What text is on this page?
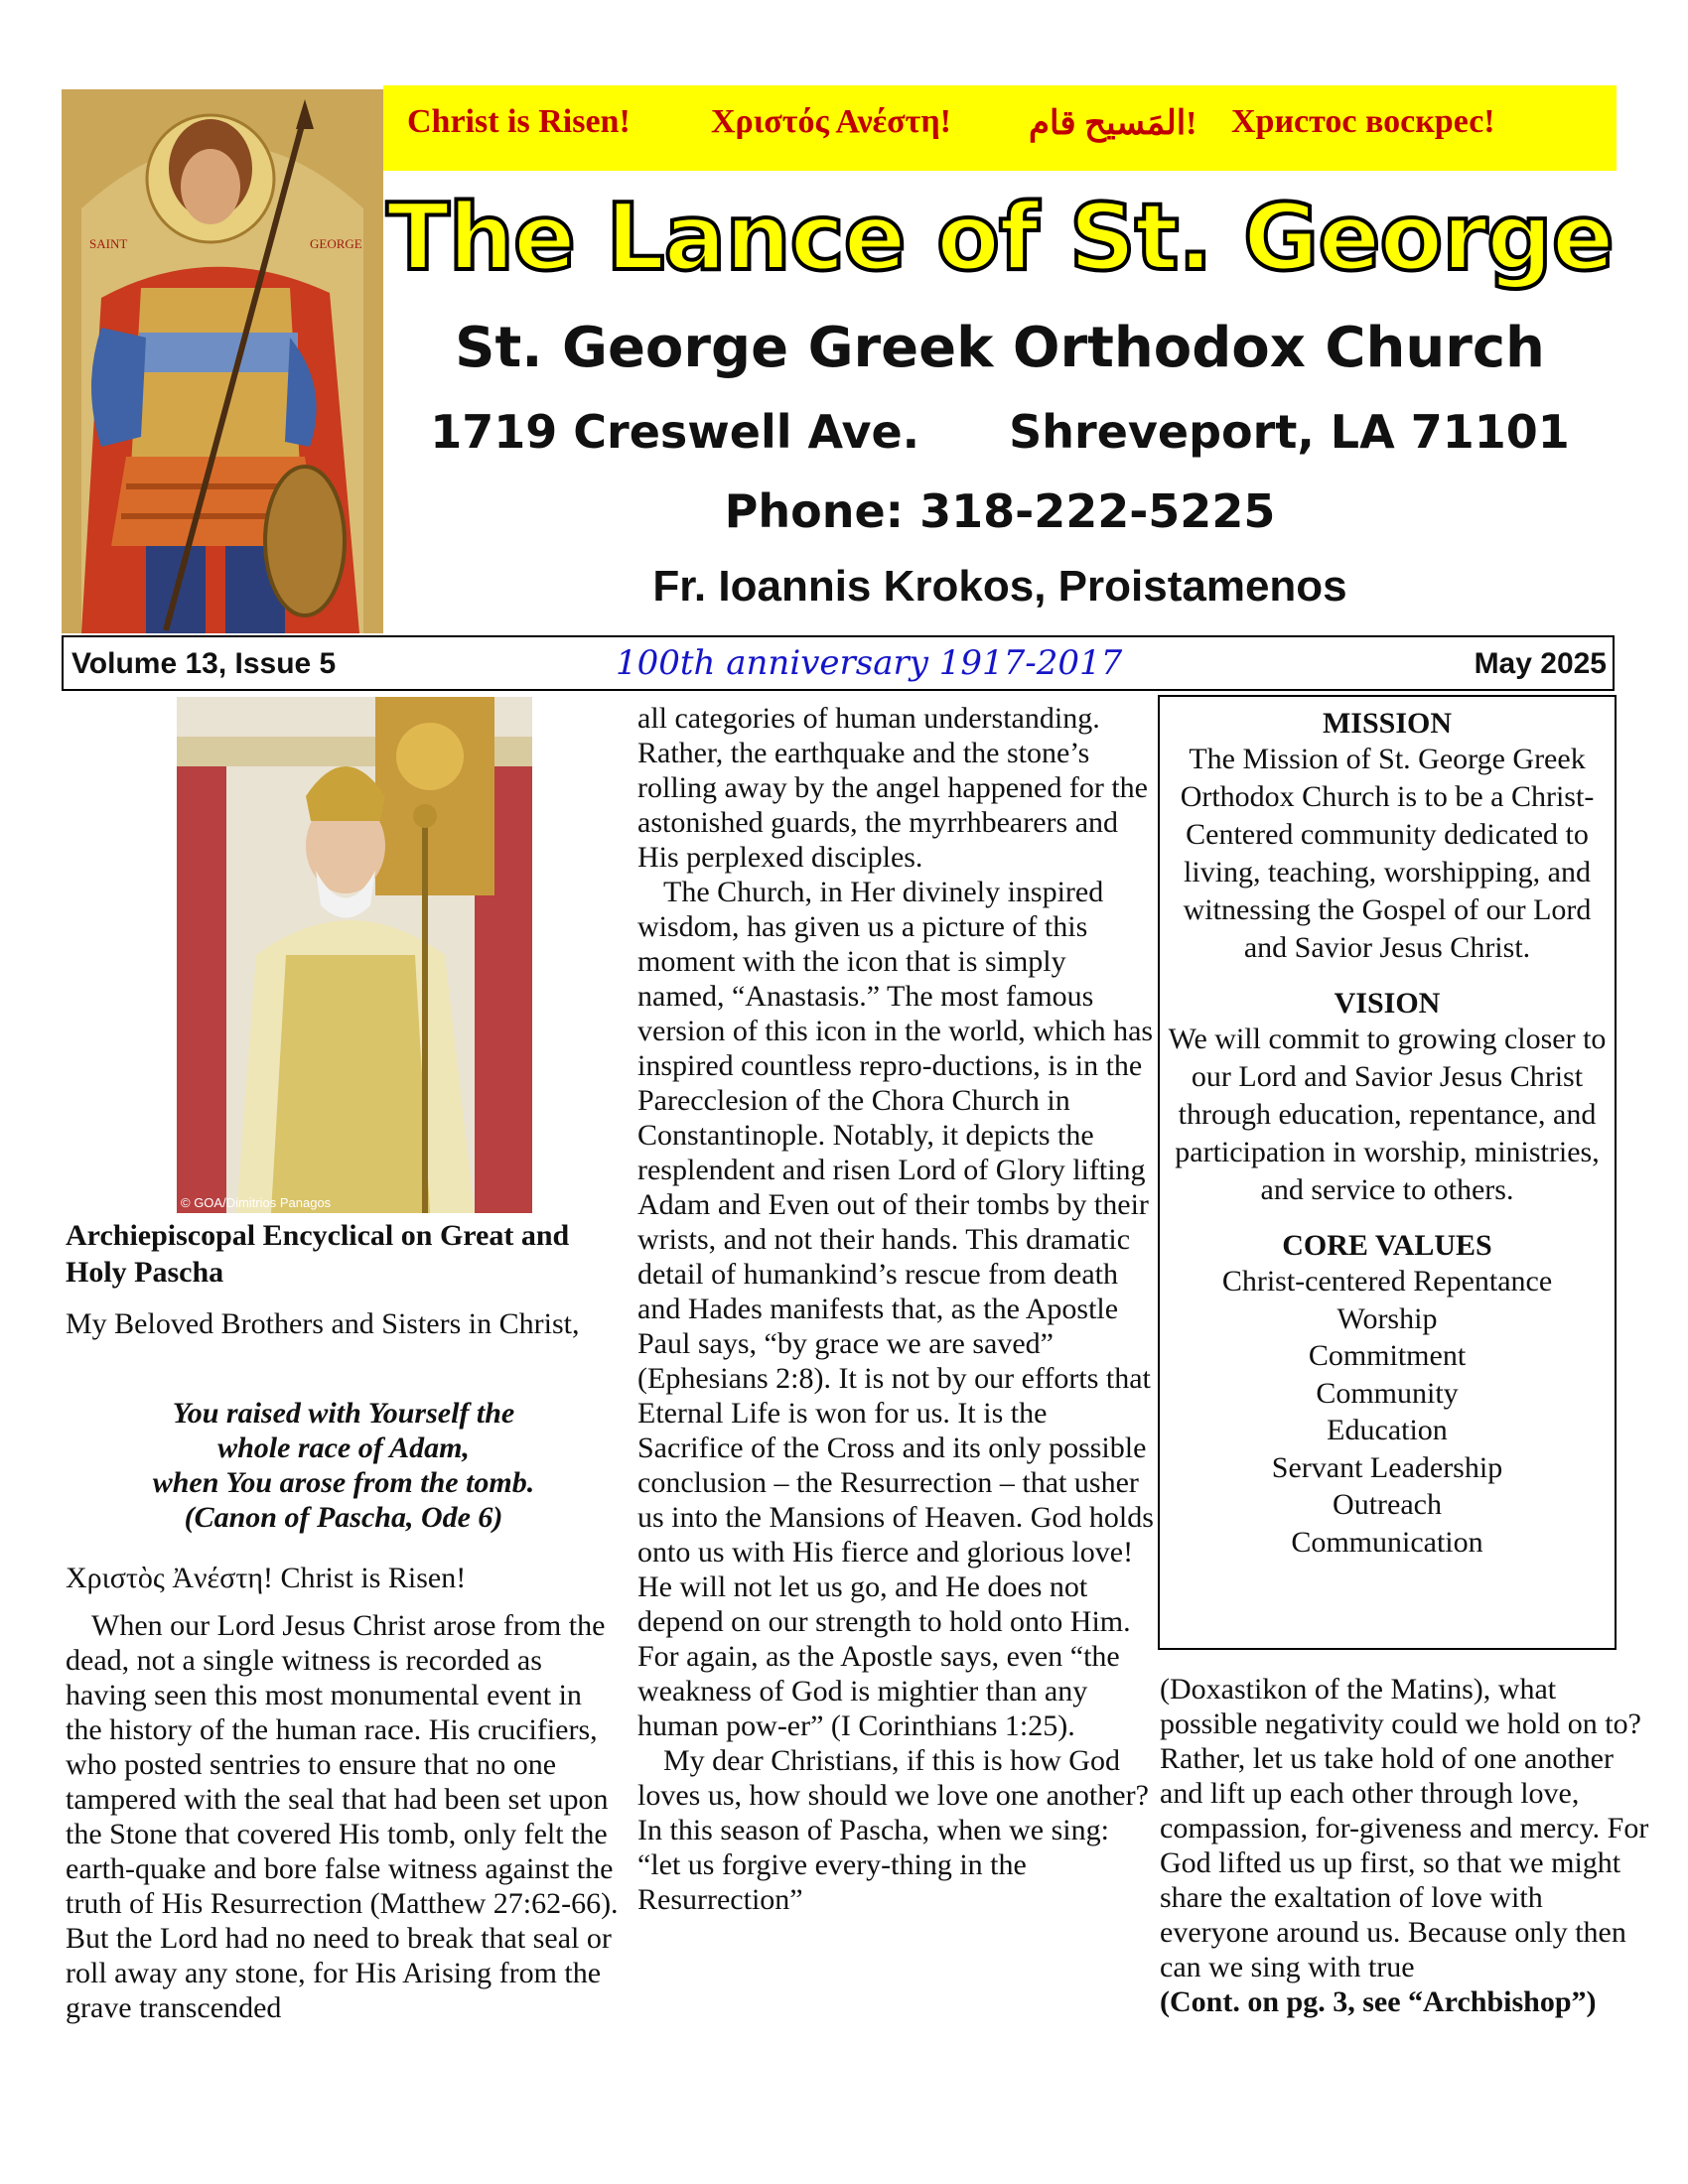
SAINT	GEORGE
Christ is Risen! Χριστός Ανέστη! !المَسيح قام Христос воскрес!
The Lance of St. George
St. George Greek Orthodox Church
1719 Creswell Ave. Shreveport, LA 71101
Phone: 318-222-5225
Fr. Ioannis Krokos, Proistamenos
Volume 13, Issue 5	100th anniversary 1917-2017	May 2025
© GOA/Dimitrios Panagos
Archiepiscopal Encyclical on Great and Holy Pascha
My Beloved Brothers and Sisters in Christ,
You raised with Yourself the
whole race of Adam,
when You arose from the tomb.
(Canon of Pascha, Ode 6)
Χριστὸς Ἀνέστη! Christ is Risen!

When our Lord Jesus Christ arose from the dead, not a single witness is recorded as having seen this most monumental event in the history of the human race. His crucifiers, who posted sentries to ensure that no one tampered with the seal that had been set upon the Stone that covered His tomb, only felt the earth-quake and bore false witness against the truth of His Resurrection (Matthew 27:62-66). But the Lord had no need to break that seal or roll away any stone, for His Arising from the grave transcended

all categories of human understanding. Rather, the earthquake and the stone’s rolling away by the angel happened for the astonished guards, the myrrhbearers and His perplexed disciples.

The Church, in Her divinely inspired wisdom, has given us a picture of this moment with the icon that is simply named, “Anastasis.” The most famous version of this icon in the world, which has inspired countless repro-ductions, is in the Parecclesion of the Chora Church in Constantinople. Notably, it depicts the resplendent and risen Lord of Glory lifting Adam and Even out of their tombs by their wrists, and not their hands. This dramatic detail of humankind’s rescue from death and Hades manifests that, as the Apostle Paul says, “by grace we are saved” (Ephesians 2:8). It is not by our efforts that Eternal Life is won for us. It is the Sacrifice of the Cross and its only possible conclusion – the Resurrection – that usher us into the Mansions of Heaven. God holds onto us with His fierce and glorious love! He will not let us go, and He does not depend on our strength to hold onto Him. For again, as the Apostle says, even “the weakness of God is mightier than any human pow-er” (I Corinthians 1:25).

My dear Christians, if this is how God loves us, how should we love one another? In this season of Pascha, when we sing: “let us forgive every-thing in the Resurrection”

MISSION
The Mission of St. George Greek Orthodox Church is to be a Christ-Centered community dedicated to living, teaching, worshipping, and witnessing the Gospel of our Lord and Savior Jesus Christ.
VISION
We will commit to growing closer to our Lord and Savior Jesus Christ through education, repentance, and participation in worship, ministries, and service to others.
CORE VALUES
Christ-centered Repentance
Worship
Commitment
Community
Education
Servant Leadership
Outreach
Communication

(Doxastikon of the Matins), what possible negativity could we hold on to? Rather, let us take hold of one another and lift up each other through love, compassion, for-giveness and mercy. For God lifted us up first, so that we might share the exaltation of love with everyone around us. Because only then can we sing with true

(Cont. on pg. 3, see “Archbishop”)
